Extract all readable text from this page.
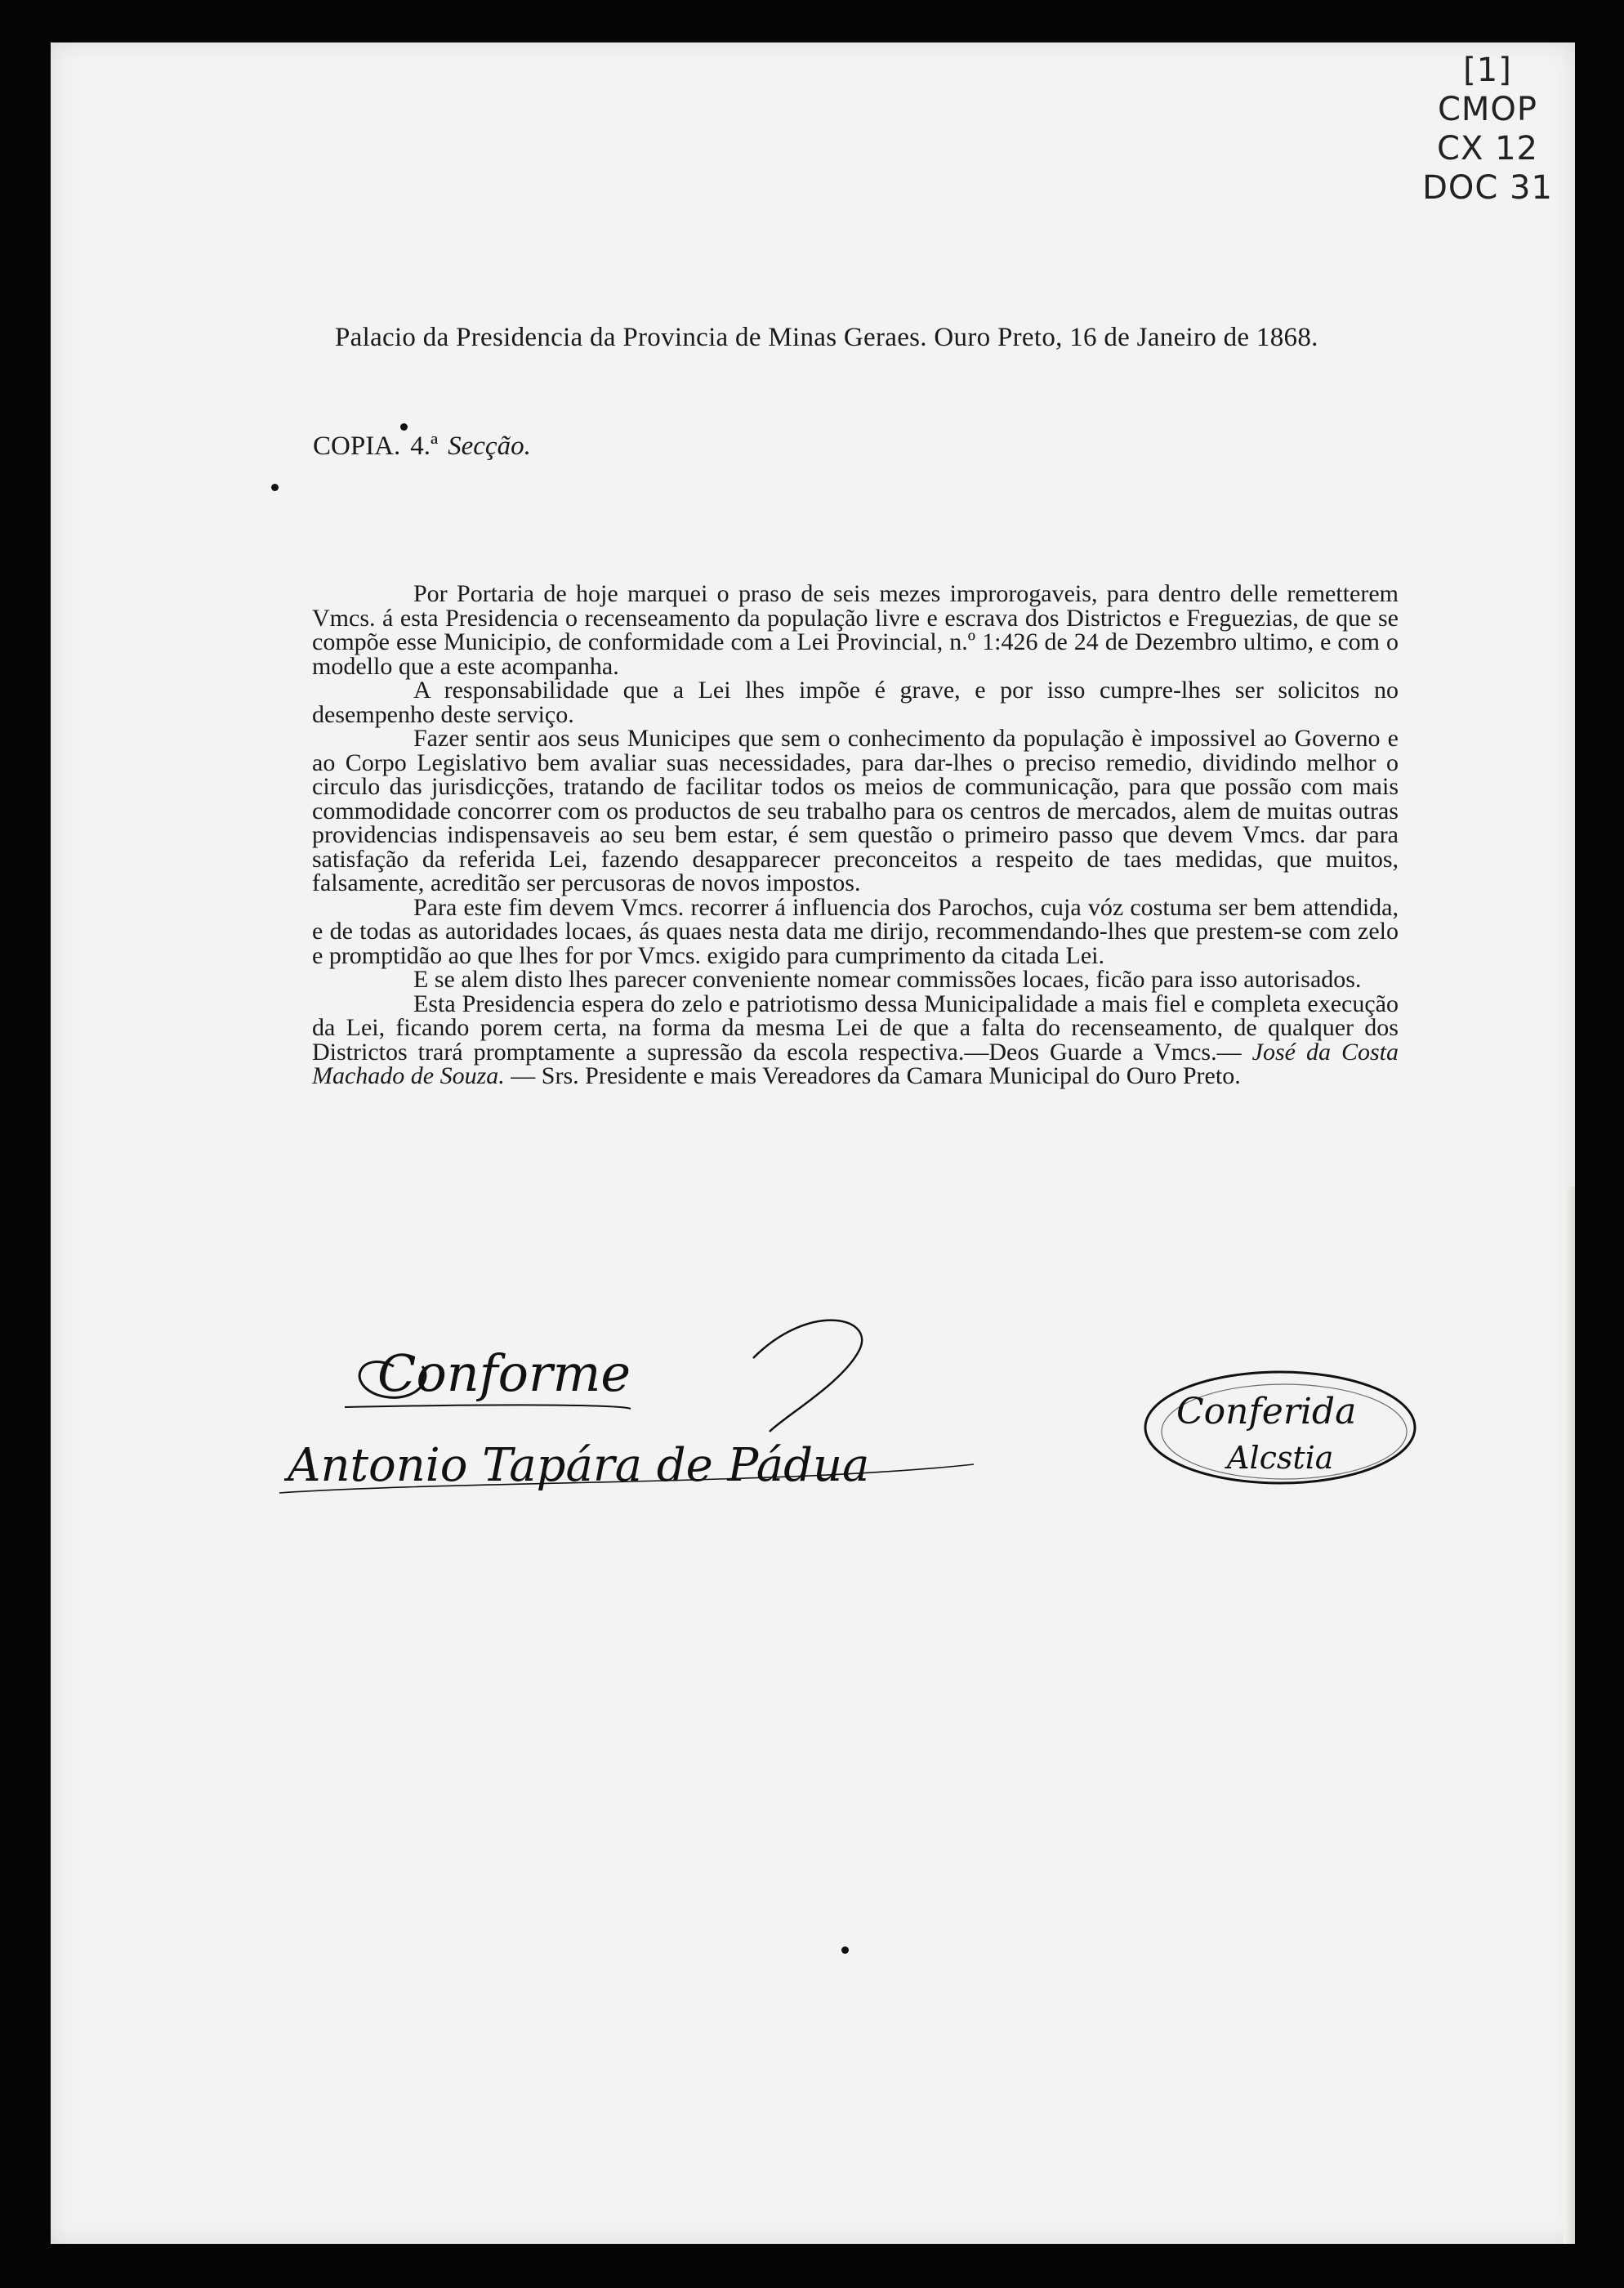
[1]
CMOP
CX 12
DOC 31
Palacio da Presidencia da Provincia de Minas Geraes. Ouro Preto, 16 de Janeiro de 1868.
COPIA. 4.ª Secção.

Por Portaria de hoje marquei o praso de seis mezes improrogaveis, para dentro delle remetterem Vmcs. á esta Presidencia o recenseamento da população livre e escrava dos Districtos e Freguezias, de que se compõe esse Municipio, de conformidade com a Lei Provincial, n.º 1:426 de 24 de Dezembro ultimo, e com o modello que a este acompanha.

A responsabilidade que a Lei lhes impõe é grave, e por isso cumpre-lhes ser solicitos no desempenho deste serviço.

Fazer sentir aos seus Municipes que sem o conhecimento da população è impossivel ao Governo e ao Corpo Legislativo bem avaliar suas necessidades, para dar-lhes o preciso remedio, dividindo melhor o circulo das jurisdicções, tratando de facilitar todos os meios de communicação, para que possão com mais commodidade concorrer com os productos de seu trabalho para os centros de mercados, alem de muitas outras providencias indispensaveis ao seu bem estar, é sem questão o primeiro passo que devem Vmcs. dar para satisfação da referida Lei, fazendo desapparecer preconceitos a respeito de taes medidas, que muitos, falsamente, acreditão ser percusoras de novos impostos.

Para este fim devem Vmcs. recorrer á influencia dos Parochos, cuja vóz costuma ser bem attendida, e de todas as autoridades locaes, ás quaes nesta data me dirijo, recommendando-lhes que prestem-se com zelo e promptidão ao que lhes for por Vmcs. exigido para cumprimento da citada Lei.

E se alem disto lhes parecer conveniente nomear commissões locaes, ficão para isso autorisados.

Esta Presidencia espera do zelo e patriotismo dessa Municipalidade a mais fiel e completa execução da Lei, ficando porem certa, na forma da mesma Lei de que a falta do recenseamento, de qualquer dos Districtos trará promptamente a supressão da escola respectiva.—Deos Guarde a Vmcs.— José da Costa Machado de Souza. — Srs. Presidente e mais Vereadores da Camara Municipal do Ouro Preto.

Conforme
Antonio Tapára de Pádua
Conferida
Alcstia
